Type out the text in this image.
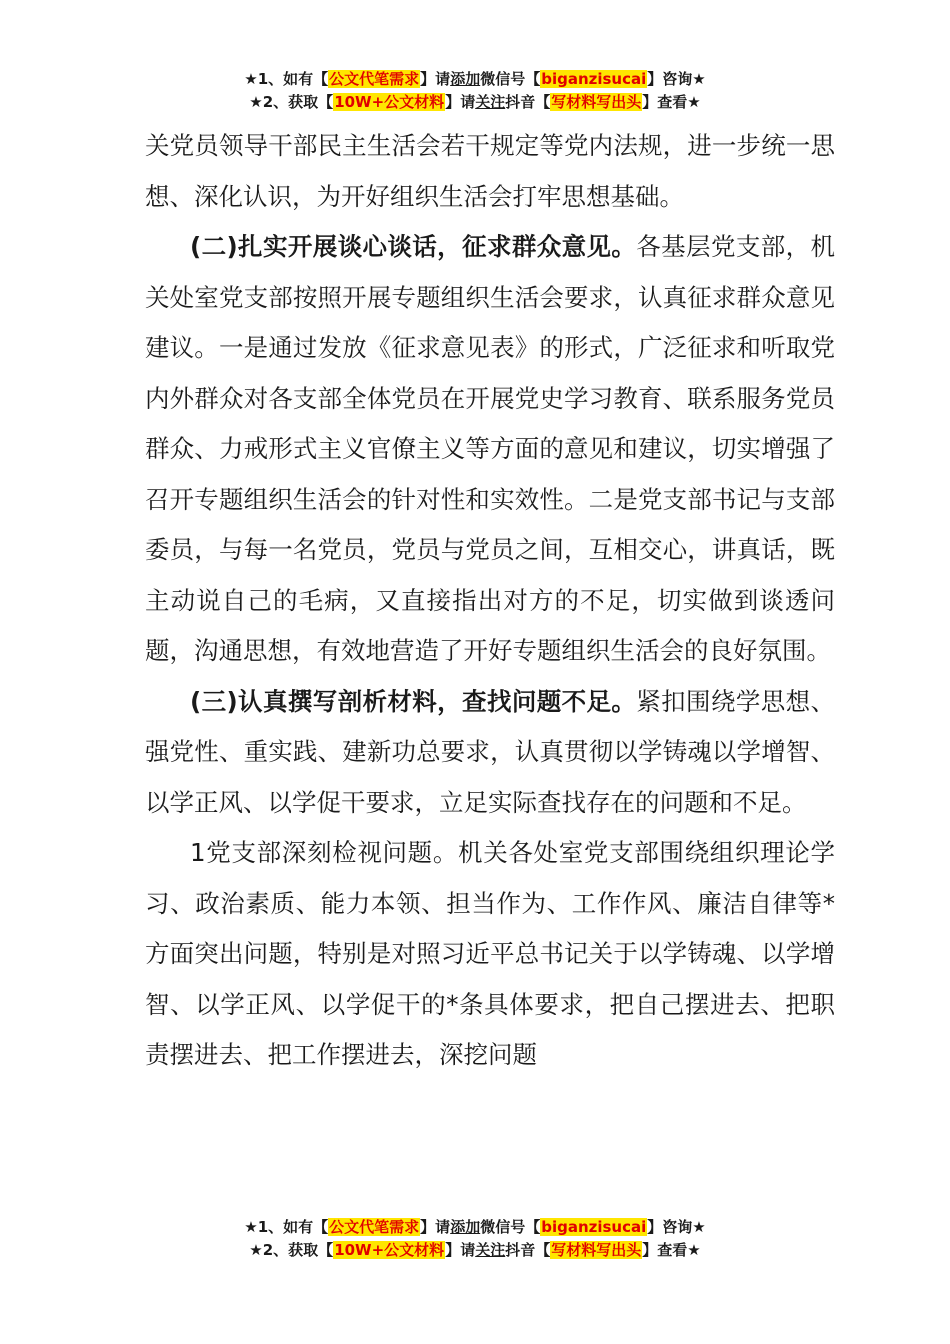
★1、如有【公文代笔需求】请添加微信号【biganzisucai】咨询★
★2、获取【10W+公文材料】请关注抖音【写材料写出头】查看★

关党员领导干部民主生活会若干规定等党内法规，进一步统一思想、深化认识，为开好组织生活会打牢思想基础。

(二)扎实开展谈心谈话，征求群众意见。各基层党支部，机关处室党支部按照开展专题组织生活会要求，认真征求群众意见建议。一是通过发放《征求意见表》的形式，广泛征求和听取党内外群众对各支部全体党员在开展党史学习教育、联系服务党员群众、力戒形式主义官僚主义等方面的意见和建议，切实增强了召开专题组织生活会的针对性和实效性。二是党支部书记与支部委员，与每一名党员，党员与党员之间，互相交心，讲真话，既主动说自己的毛病，又直接指出对方的不足，切实做到谈透问题，沟通思想，有效地营造了开好专题组织生活会的良好氛围。

(三)认真撰写剖析材料，查找问题不足。紧扣围绕学思想、强党性、重实践、建新功总要求，认真贯彻以学铸魂以学增智、以学正风、以学促干要求，立足实际查找存在的问题和不足。

1党支部深刻检视问题。机关各处室党支部围绕组织理论学习、政治素质、能力本领、担当作为、工作作风、廉洁自律等*方面突出问题，特别是对照习近平总书记关于以学铸魂、以学增智、以学正风、以学促干的*条具体要求，把自己摆进去、把职责摆进去、把工作摆进去，深挖问题

★1、如有【公文代笔需求】请添加微信号【biganzisucai】咨询★
★2、获取【10W+公文材料】请关注抖音【写材料写出头】查看★
